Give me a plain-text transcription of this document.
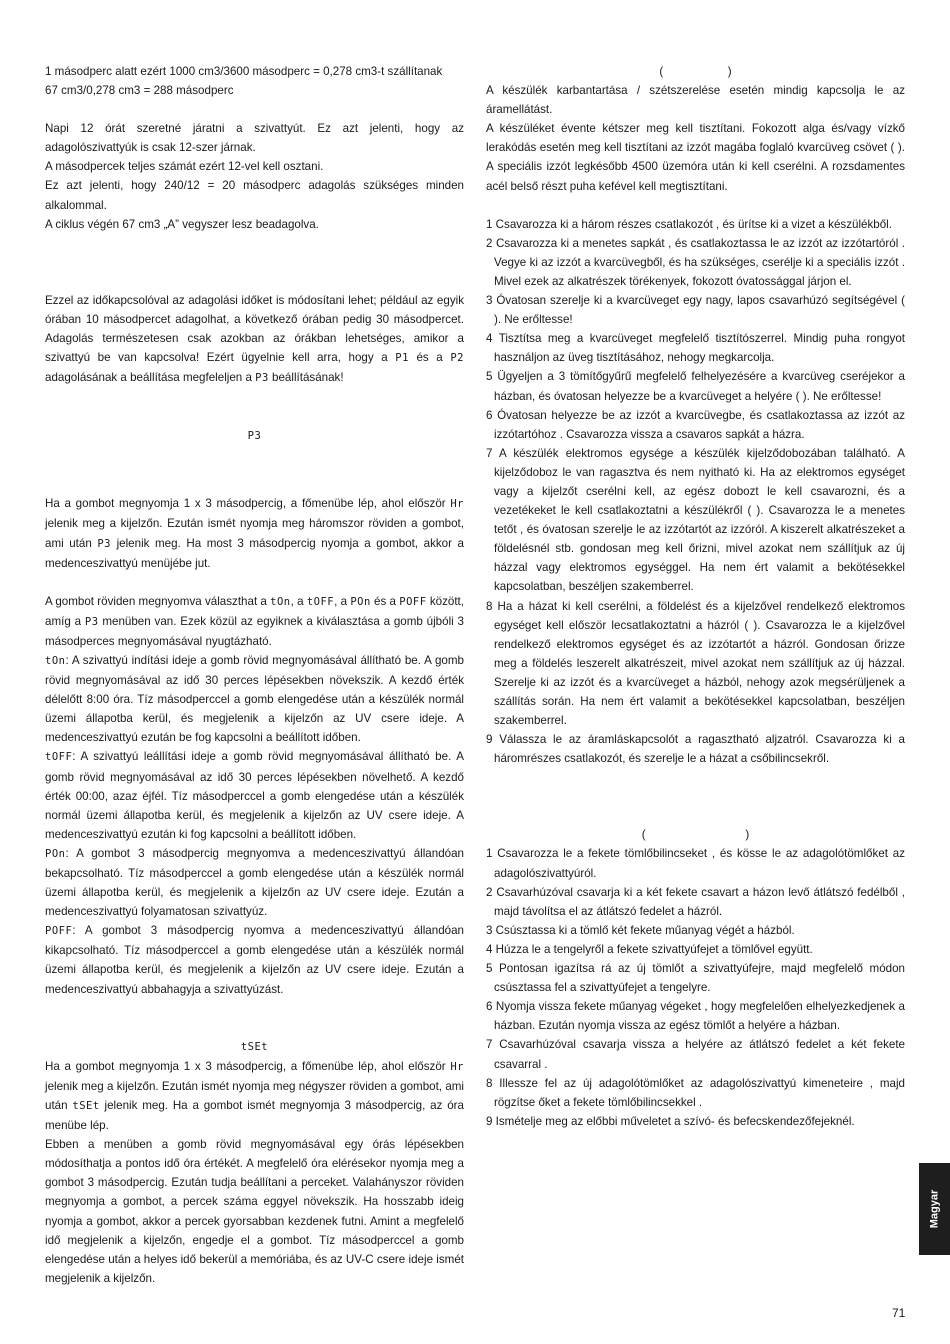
1 másodperc alatt ezért 1000 cm3/3600 másodperc = 0,278 cm3-t szállítanak

67 cm3/0,278 cm3 = 288 másodperc

Napi 12 órát szeretné járatni a szivattyút. Ez azt jelenti, hogy az adagolószivattyúk is csak 12-szer járnak.

A másodpercek teljes számát ezért 12-vel kell osztani.

Ez azt jelenti, hogy 240/12 = 20 másodperc adagolás szükséges minden alkalommal.

A ciklus végén 67 cm3 „A” vegyszer lesz beadagolva.

Ezzel az időkapcsolóval az adagolási időket is módosítani lehet; például az egyik órában 10 másodpercet adagolhat, a következő órában pedig 30 másodpercet. Adagolás természetesen csak azokban az órákban lehetséges, amikor a szivattyú be van kapcsolva! Ezért ügyelnie kell arra, hogy a P1 és a P2 adagolásának a beállítása megfeleljen a P3 beállításának!

P3

Ha a gombot megnyomja 1 x 3 másodpercig, a főmenübe lép, ahol először Hr jelenik meg a kijelzőn. Ezután ismét nyomja meg háromszor röviden a gombot, ami után P3 jelenik meg. Ha most 3 másodpercig nyomja a gombot, akkor a medenceszivattyú menüjébe jut.

A gombot röviden megnyomva választhat a tOn, a tOFF, a POn és a POFF között, amíg a P3 menüben van. Ezek közül az egyiknek a kiválasztása a gomb újbóli 3 másodperces megnyomásával nyugtázható.

tOn: A szivattyú indítási ideje a gomb rövid megnyomásával állítható be. A gomb rövid megnyomásával az idő 30 perces lépésekben növekszik. A kezdő érték délelőtt 8:00 óra. Tíz másodperccel a gomb elengedése után a készülék normál üzemi állapotba kerül, és megjelenik a kijelzőn az UV csere ideje. A medenceszivattyú ezután be fog kapcsolni a beállított időben.

tOFF: A szivattyú leállítási ideje a gomb rövid megnyomásával állítható be. A gomb rövid megnyomásával az idő 30 perces lépésekben növelhető. A kezdő érték 00:00, azaz éjfél. Tíz másodperccel a gomb elengedése után a készülék normál üzemi állapotba kerül, és megjelenik a kijelzőn az UV csere ideje. A medenceszivattyú ezután ki fog kapcsolni a beállított időben.

POn: A gombot 3 másodpercig megnyomva a medenceszivattyú állandóan bekapcsolható. Tíz másodperccel a gomb elengedése után a készülék normál üzemi állapotba kerül, és megjelenik a kijelzőn az UV csere ideje. Ezután a medenceszivattyú folyamatosan szivattyúz.

POFF: A gombot 3 másodpercig nyomva a medenceszivattyú állandóan kikapcsolható. Tíz másodperccel a gomb elengedése után a készülék normál üzemi állapotba kerül, és megjelenik a kijelzőn az UV csere ideje. Ezután a medenceszivattyú abbahagyja a szivattyúzást.

tSEt

Ha a gombot megnyomja 1 x 3 másodpercig, a főmenübe lép, ahol először Hr jelenik meg a kijelzőn. Ezután ismét nyomja meg négyszer röviden a gombot, ami után tSEt jelenik meg. Ha a gombot ismét megnyomja 3 másodpercig, az óra menübe lép.

Ebben a menüben a gomb rövid megnyomásával egy órás lépésekben módosíthatja a pontos idő óra értékét. A megfelelő óra elérésekor nyomja meg a gombot 3 másodpercig. Ezután tudja beállítani a perceket. Valahányszor röviden megnyomja a gombot, a percek száma eggyel növekszik. Ha hosszabb ideig nyomja a gombot, akkor a percek gyorsabban kezdenek futni. Amint a megfelelő idő megjelenik a kijelzőn, engedje el a gombot. Tíz másodperccel a gomb elengedése után a helyes idő bekerül a memóriába, és az UV-C csere ideje ismét megjelenik a kijelzőn.

(                    )

A készülék karbantartása / szétszerelése esetén mindig kapcsolja le az áramellátást.

A készüléket évente kétszer meg kell tisztítani. Fokozott alga és/vagy vízkő lerakódás esetén meg kell tisztítani az izzót magába foglaló kvarcüveg csövet ( ). A speciális izzót legkésőbb 4500 üzemóra után ki kell cserélni. A rozsdamentes acél belső részt puha kefével kell megtisztítani.

1 Csavarozza ki a három részes csatlakozót , és ürítse ki a vizet a készülékből.
2 Csavarozza ki a menetes sapkát , és csatlakoztassa le az izzót az izzótartóról . Vegye ki az izzót a kvarcüvegből, és ha szükséges, cserélje ki a speciális izzót . Mivel ezek az alkatrészek törékenyek, fokozott óvatossággal járjon el.
3 Óvatosan szerelje ki a kvarcüveget egy nagy, lapos csavarhúzó segítségével ( ). Ne erőltesse!
4 Tisztítsa meg a kvarcüveget megfelelő tisztítószerrel. Mindig puha rongyot használjon az üveg tisztításához, nehogy megkarcolja.
5 Ügyeljen a 3 tömítőgyűrű megfelelő felhelyezésére a kvarcüveg cseréjekor a házban, és óvatosan helyezze be a kvarcüveget a helyére ( ). Ne erőltesse!
6 Óvatosan helyezze be az izzót a kvarcüvegbe, és csatlakoztassa az izzót az izzótartóhoz . Csavarozza vissza a csavaros sapkát a házra.
7 A készülék elektromos egysége a készülék kijelződobozában található. A kijelződoboz le van ragasztva és nem nyitható ki. Ha az elektromos egységet vagy a kijelzőt cserélni kell, az egész dobozt le kell csavarozni, és a vezetékeket le kell csatlakoztatni a készülékről ( ). Csavarozza le a menetes tetőt , és óvatosan szerelje le az izzótartót az izzóról. A kiszerelt alkatrészeket a földelésnél stb. gondosan meg kell őrizni, mivel azokat nem szállítjuk az új házzal vagy elektromos egységgel. Ha nem ért valamit a bekötésekkel kapcsolatban, beszéljen szakemberrel.
8 Ha a házat ki kell cserélni, a földelést és a kijelzővel rendelkező elektromos egységet kell először lecsatlakoztatni a házról ( ). Csavarozza le a kijelzővel rendelkező elektromos egységet és az izzótartót a házról. Gondosan őrizze meg a földelés leszerelt alkatrészeit, mivel azokat nem szállítjuk az új házzal. Szerelje ki az izzót és a kvarcüveget a házból, nehogy azok megsérüljenek a szállítás során. Ha nem ért valamit a bekötésekkel kapcsolatban, beszéljen szakemberrel.
9 Válassza le az áramláskapcsolót a ragasztható aljzatról. Csavarozza ki a háromrészes csatlakozót, és szerelje le a házat a csőbilincsekről.

(                               )

1 Csavarozza le a fekete tömlőbilincseket , és kösse le az adagolótömlőket az adagolószivattyúról.
2 Csavarhúzóval csavarja ki a két fekete csavart a házon levő átlátszó fedélből , majd távolítsa el az átlátszó fedelet a házról.
3 Csúsztassa ki a tömlő két fekete műanyag végét a házból.
4 Húzza le a tengelyről a fekete szivattyúfejet a tömlővel együtt.
5 Pontosan igazítsa rá az új tömlőt a szivattyúfejre, majd megfelelő módon csúsztassa fel a szivattyúfejet a tengelyre.
6 Nyomja vissza fekete műanyag végeket , hogy megfelelően elhelyezkedjenek a házban. Ezután nyomja vissza az egész tömlőt a helyére a házban.
7 Csavarhúzóval csavarja vissza a helyére az átlátszó fedelet a két fekete csavarral .
8 Illessze fel az új adagolótömlőket az adagolószivattyú kimeneteire , majd rögzítse őket a fekete tömlőbilincsekkel .
9 Ismételje meg az előbbi műveletet a szívó- és befecskendezőfejeknél.
Magyar
71
